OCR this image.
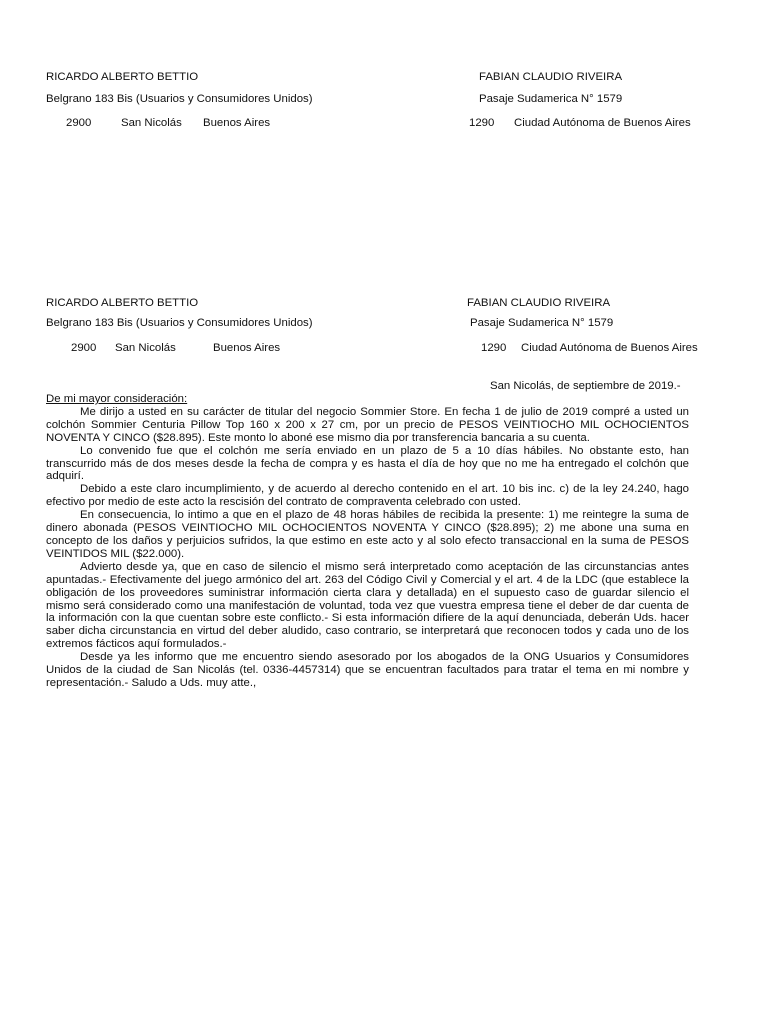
RICARDO ALBERTO BETTIO
Belgrano 183 Bis (Usuarios y Consumidores Unidos)
2900	San Nicolás Buenos Aires
FABIAN CLAUDIO RIVEIRA
Pasaje Sudamerica N° 1579
1290 Ciudad Autónoma de Buenos Aires
RICARDO ALBERTO BETTIO
Belgrano 183 Bis (Usuarios y Consumidores Unidos)
2900 San Nicolás	Buenos Aires
FABIAN CLAUDIO RIVEIRA
Pasaje Sudamerica N° 1579
1290 Ciudad Autónoma de Buenos Aires
San Nicolás, de septiembre de 2019.-
De mi mayor consideración:

Me dirijo a usted en su carácter de titular del negocio Sommier Store. En fecha 1 de julio de 2019 compré a usted un colchón Sommier Centuria Pillow Top 160 x 200 x 27 cm, por un precio de PESOS VEINTIOCHO MIL OCHOCIENTOS NOVENTA Y CINCO ($28.895). Este monto lo aboné ese mismo dia por transferencia bancaria a su cuenta.

Lo convenido fue que el colchón me sería enviado en un plazo de 5 a 10 días hábiles. No obstante esto, han transcurrido más de dos meses desde la fecha de compra y es hasta el día de hoy que no me ha entregado el colchón que adquirí.

Debido a este claro incumplimiento, y de acuerdo al derecho contenido en el art. 10 bis inc. c) de la ley 24.240, hago efectivo por medio de este acto la rescisión del contrato de compraventa celebrado con usted.

En consecuencia, lo intimo a que en el plazo de 48 horas hábiles de recibida la presente: 1) me reintegre la suma de dinero abonada (PESOS VEINTIOCHO MIL OCHOCIENTOS NOVENTA Y CINCO ($28.895); 2) me abone una suma en concepto de los daños y perjuicios sufridos, la que estimo en este acto y al solo efecto transaccional en la suma de PESOS VEINTIDOS MIL ($22.000).

Advierto desde ya, que en caso de silencio el mismo será interpretado como aceptación de las circunstancias antes apuntadas.- Efectivamente del juego armónico del art. 263 del Código Civil y Comercial y el art. 4 de la LDC (que establece la obligación de los proveedores suministrar información cierta clara y detallada) en el supuesto caso de guardar silencio el mismo será considerado como una manifestación de voluntad, toda vez que vuestra empresa tiene el deber de dar cuenta de la información con la que cuentan sobre este conflicto.- Si esta información difiere de la aquí denunciada, deberán Uds. hacer saber dicha circunstancia en virtud del deber aludido, caso contrario, se interpretará que reconocen todos y cada uno de los extremos fácticos aquí formulados.-

Desde ya les informo que me encuentro siendo asesorado por los abogados de la ONG Usuarios y Consumidores Unidos de la ciudad de San Nicolás (tel. 0336-4457314) que se encuentran facultados para tratar el tema en mi nombre y representación.- Saludo a Uds. muy atte.,
